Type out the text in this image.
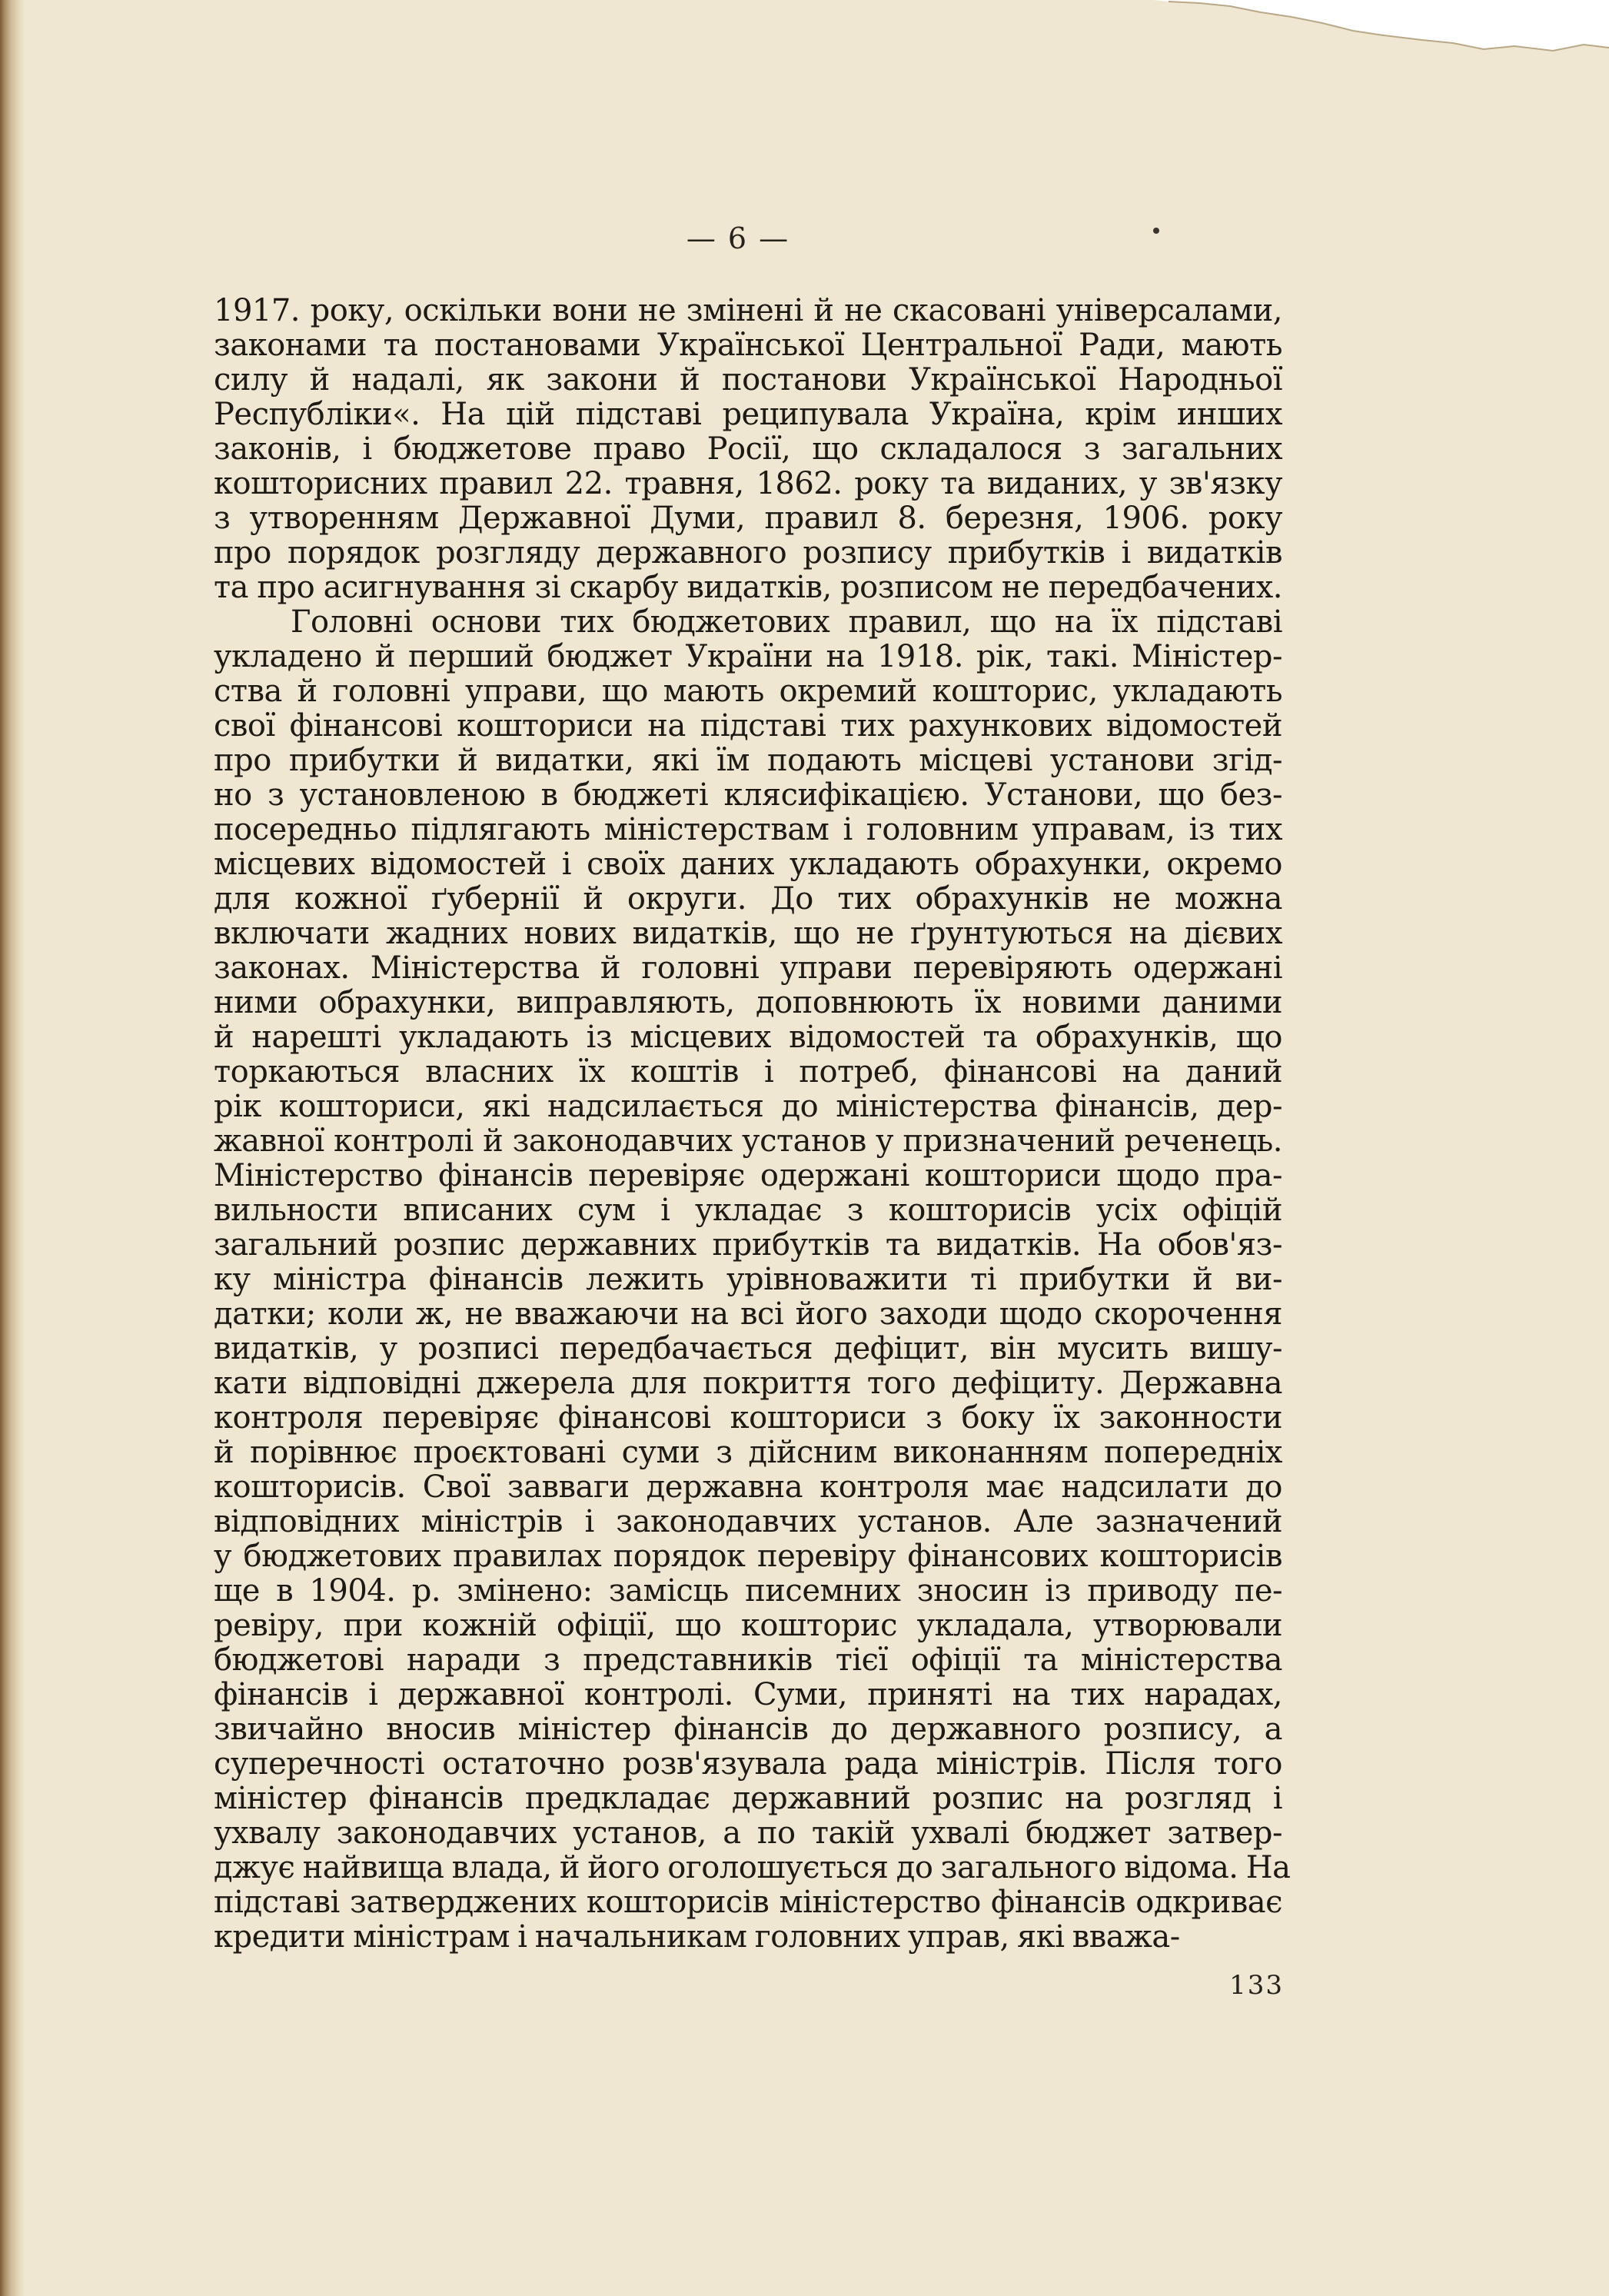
— 6 —
1917. року, оскільки вони не змінені й не скасовані універсалами,
законами та постановами Української Центральної Ради, мають
силу й надалі, як закони й постанови Української Народньої
Республіки«. На цій підставі реципувала Україна, крім инших
законів, і бюджетове право Росії, що складалося з загальних
кошторисних правил 22. травня, 1862. року та виданих, у зв'язку
з утворенням Державної Думи, правил 8. березня, 1906. року
про порядок розгляду державного розпису прибутків і видатків
та про асигнування зі скарбу видатків, розписом не передбачених.
Головні основи тих бюджетових правил, що на їх підставі
укладено й перший бюджет України на 1918. рік, такі. Міністер-
ства й головні управи, що мають окремий кошторис, укладають
свої фінансові кошториси на підставі тих рахункових відомостей
про прибутки й видатки, які їм подають місцеві установи згід-
но з установленою в бюджеті клясифікацією. Установи, що без-
посередньо підлягають міністерствам і головним управам, із тих
місцевих відомостей і своїх даних укладають обрахунки, окремо
для кожної ґубернії й округи. До тих обрахунків не можна
включати жадних нових видатків, що не ґрунтуються на дієвих
законах. Міністерства й головні управи перевіряють одержані
ними обрахунки, виправляють, доповнюють їх новими даними
й нарешті укладають із місцевих відомостей та обрахунків, що
торкаються власних їх коштів і потреб, фінансові на даний
рік кошториси, які надсилається до міністерства фінансів, дер-
жавної контролі й законодавчих установ у призначений реченець.
Міністерство фінансів перевіряє одержані кошториси щодо пра-
вильности вписаних сум і укладає з кошторисів усіх офіцій
загальний розпис державних прибутків та видатків. На обов'яз-
ку міністра фінансів лежить урівноважити ті прибутки й ви-
датки; коли ж, не вважаючи на всі його заходи щодо скорочення
видатків, у розписі передбачається дефіцит, він мусить вишу-
кати відповідні джерела для покриття того дефіциту. Державна
контроля перевіряє фінансові кошториси з боку їх законности
й порівнює проєктовані суми з дійсним виконанням попередніх
кошторисів. Свої завваги державна контроля має надсилати до
відповідних міністрів і законодавчих установ. Але зазначений
у бюджетових правилах порядок перевіру фінансових кошторисів
ще в 1904. р. змінено: замісць писемних зносин із приводу пе-
ревіру, при кожній офіції, що кошторис укладала, утворювали
бюджетові наради з представників тієї офіції та міністерства
фінансів і державної контролі. Суми, приняті на тих нарадах,
звичайно вносив міністер фінансів до державного розпису, а
суперечності остаточно розв'язувала рада міністрів. Після того
міністер фінансів предкладає державний розпис на розгляд і
ухвалу законодавчих установ, а по такій ухвалі бюджет затвер-
джує найвища влада, й його оголошується до загального відома. На
підставі затверджених кошторисів міністерство фінансів одкриває
кредити міністрам і начальникам головних управ, які вважа-
133
